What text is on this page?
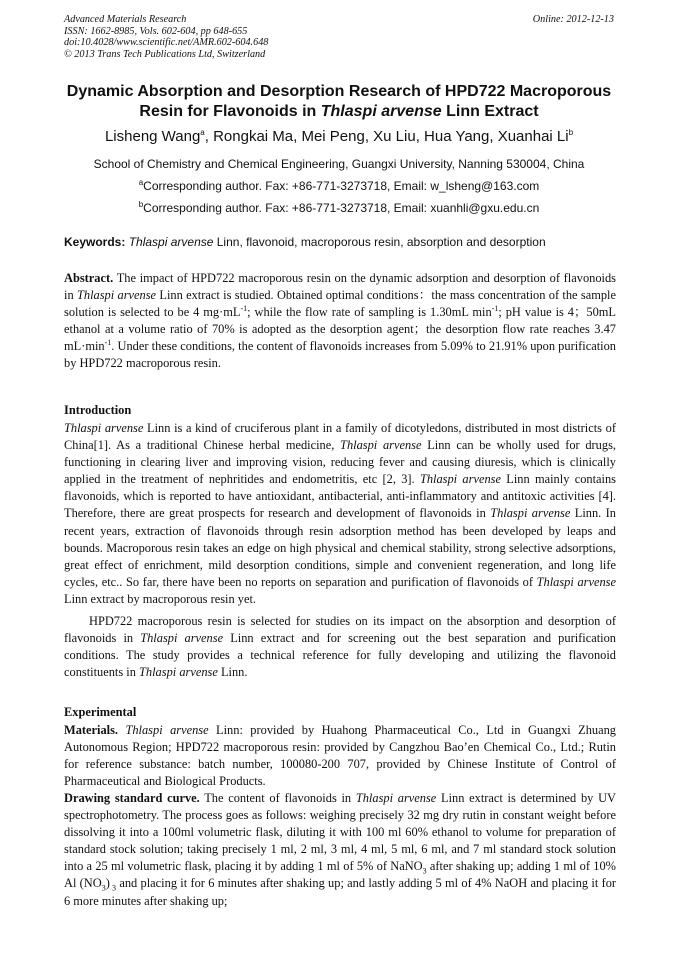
Advanced Materials Research
ISSN: 1662-8985, Vols. 602-604, pp 648-655
doi:10.4028/www.scientific.net/AMR.602-604.648
© 2013 Trans Tech Publications Ltd, Switzerland
Online: 2012-12-13
Dynamic Absorption and Desorption Research of HPD722 Macroporous
Resin for Flavonoids in Thlaspi arvense Linn Extract
Lisheng Wang$^a$, Rongkai Ma, Mei Peng, Xu Liu, Hua Yang, Xuanhai Li$^b$
School of Chemistry and Chemical Engineering, Guangxi University, Nanning 530004, China
$^a$Corresponding author. Fax: +86-771-3273718, Email: w_lsheng@163.com
$^b$Corresponding author. Fax: +86-771-3273718, Email: xuanhli@gxu.edu.cn
Keywords: Thlaspi arvense Linn, flavonoid, macroporous resin, absorption and desorption
Abstract. The impact of HPD722 macroporous resin on the dynamic adsorption and desorption of flavonoids in Thlaspi arvense Linn extract is studied. Obtained optimal conditions：the mass concentration of the sample solution is selected to be 4 $mg\cdot mL^{-1}$; while the flow rate of sampling is 1.30mL $\min^{-1}$; pH value is 4；50mL ethanol at a volume ratio of 70% is adopted as the desorption agent；the desorption flow rate reaches 3.47 $mL\cdot\min^{-1}$. Under these conditions, the content of flavonoids increases from 5.09% to 21.91% upon purification by HPD722 macroporous resin.
Introduction
Thlaspi arvense Linn is a kind of cruciferous plant in a family of dicotyledons, distributed in most districts of China[1]. As a traditional Chinese herbal medicine, Thlaspi arvense Linn can be wholly used for drugs, functioning in clearing liver and improving vision, reducing fever and causing diuresis, which is clinically applied in the treatment of nephritides and endometritis, etc [2, 3]. Thlaspi arvense Linn mainly contains flavonoids, which is reported to have antioxidant, antibacterial, anti-inflammatory and antitoxic activities [4]. Therefore, there are great prospects for research and development of flavonoids in Thlaspi arvense Linn. In recent years, extraction of flavonoids through resin adsorption method has been developed by leaps and bounds. Macroporous resin takes an edge on high physical and chemical stability, strong selective adsorptions, great effect of enrichment, mild desorption conditions, simple and convenient regeneration, and long life cycles, etc.. So far, there have been no reports on separation and purification of flavonoids of Thlaspi arvense Linn extract by macroporous resin yet.
HPD722 macroporous resin is selected for studies on its impact on the absorption and desorption of flavonoids in Thlaspi arvense Linn extract and for screening out the best separation and purification conditions. The study provides a technical reference for fully developing and utilizing the flavonoid constituents in Thlaspi arvense Linn.
Experimental
Materials. Thlaspi arvense Linn: provided by Huahong Pharmaceutical Co., Ltd in Guangxi Zhuang Autonomous Region; HPD722 macroporous resin: provided by Cangzhou Bao’en Chemical Co., Ltd.; Rutin for reference substance: batch number, 100080-200 707, provided by Chinese Institute of Control of Pharmaceutical and Biological Products.
Drawing standard curve. The content of flavonoids in Thlaspi arvense Linn extract is determined by UV spectrophotometry. The process goes as follows: weighing precisely 32 mg dry rutin in constant weight before dissolving it into a 100ml volumetric flask, diluting it with 100 ml 60% ethanol to volume for preparation of standard stock solution; taking precisely 1 ml, 2 ml, 3 ml, 4 ml, 5 ml, 6 ml, and 7 ml standard stock solution into a 25 ml volumetric flask, placing it by adding 1 ml of 5% of NaNO$_3$ after shaking up; adding 1 ml of 10% Al $(NO_3)$ $_3$ and placing it for 6 minutes after shaking up; and lastly adding 5 ml of 4% NaOH and placing it for 6 more minutes after shaking up;
